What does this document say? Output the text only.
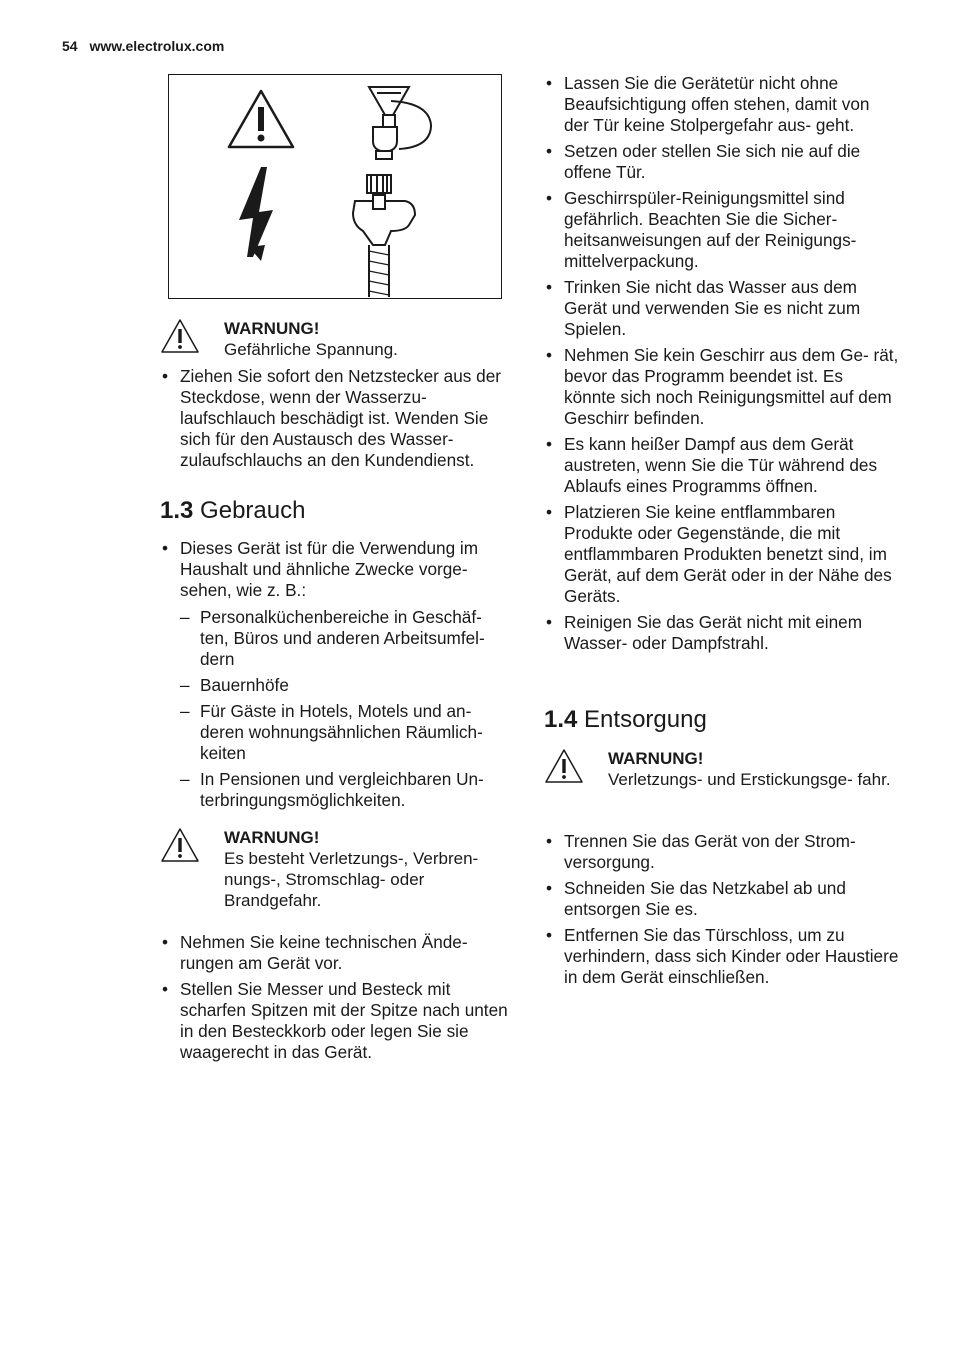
54 www.electrolux.com
WARNUNG!
Gefährliche Spannung.
• Ziehen Sie sofort den Netzstecker aus der Steckdose, wenn der Wasserzu- laufschlauch beschädigt ist. Wenden Sie sich für den Austausch des Wasser- zulaufschlauchs an den Kundendienst.
1.3 Gebrauch
• Dieses Gerät ist für die Verwendung im Haushalt und ähnliche Zwecke vorge- sehen, wie z. B.:
– Personalküchenbereiche in Geschäf- ten, Büros und anderen Arbeitsumfel- dern
– Bauernhöfe
– Für Gäste in Hotels, Motels und an- deren wohnungsähnlichen Räumlich- keiten
– In Pensionen und vergleichbaren Un- terbringungsmöglichkeiten.
WARNUNG!
Es besteht Verletzungs-, Verbren- nungs-, Stromschlag- oder Brandgefahr.
• Nehmen Sie keine technischen Ände- rungen am Gerät vor.
• Stellen Sie Messer und Besteck mit scharfen Spitzen mit der Spitze nach unten in den Besteckkorb oder legen Sie sie waagerecht in das Gerät.
• Lassen Sie die Gerätetür nicht ohne Beaufsichtigung offen stehen, damit von der Tür keine Stolpergefahr aus- geht.
• Setzen oder stellen Sie sich nie auf die offene Tür.
• Geschirrspüler-Reinigungsmittel sind gefährlich. Beachten Sie die Sicher- heitsanweisungen auf der Reinigungs- mittelverpackung.
• Trinken Sie nicht das Wasser aus dem Gerät und verwenden Sie es nicht zum Spielen.
• Nehmen Sie kein Geschirr aus dem Ge- rät, bevor das Programm beendet ist. Es könnte sich noch Reinigungsmittel auf dem Geschirr befinden.
• Es kann heißer Dampf aus dem Gerät austreten, wenn Sie die Tür während des Ablaufs eines Programms öffnen.
• Platzieren Sie keine entflammbaren Produkte oder Gegenstände, die mit entflammbaren Produkten benetzt sind, im Gerät, auf dem Gerät oder in der Nähe des Geräts.
• Reinigen Sie das Gerät nicht mit einem Wasser- oder Dampfstrahl.
1.4 Entsorgung
WARNUNG!
Verletzungs- und Erstickungsge- fahr.
• Trennen Sie das Gerät von der Strom- versorgung.
• Schneiden Sie das Netzkabel ab und entsorgen Sie es.
• Entfernen Sie das Türschloss, um zu verhindern, dass sich Kinder oder Haustiere in dem Gerät einschließen.
